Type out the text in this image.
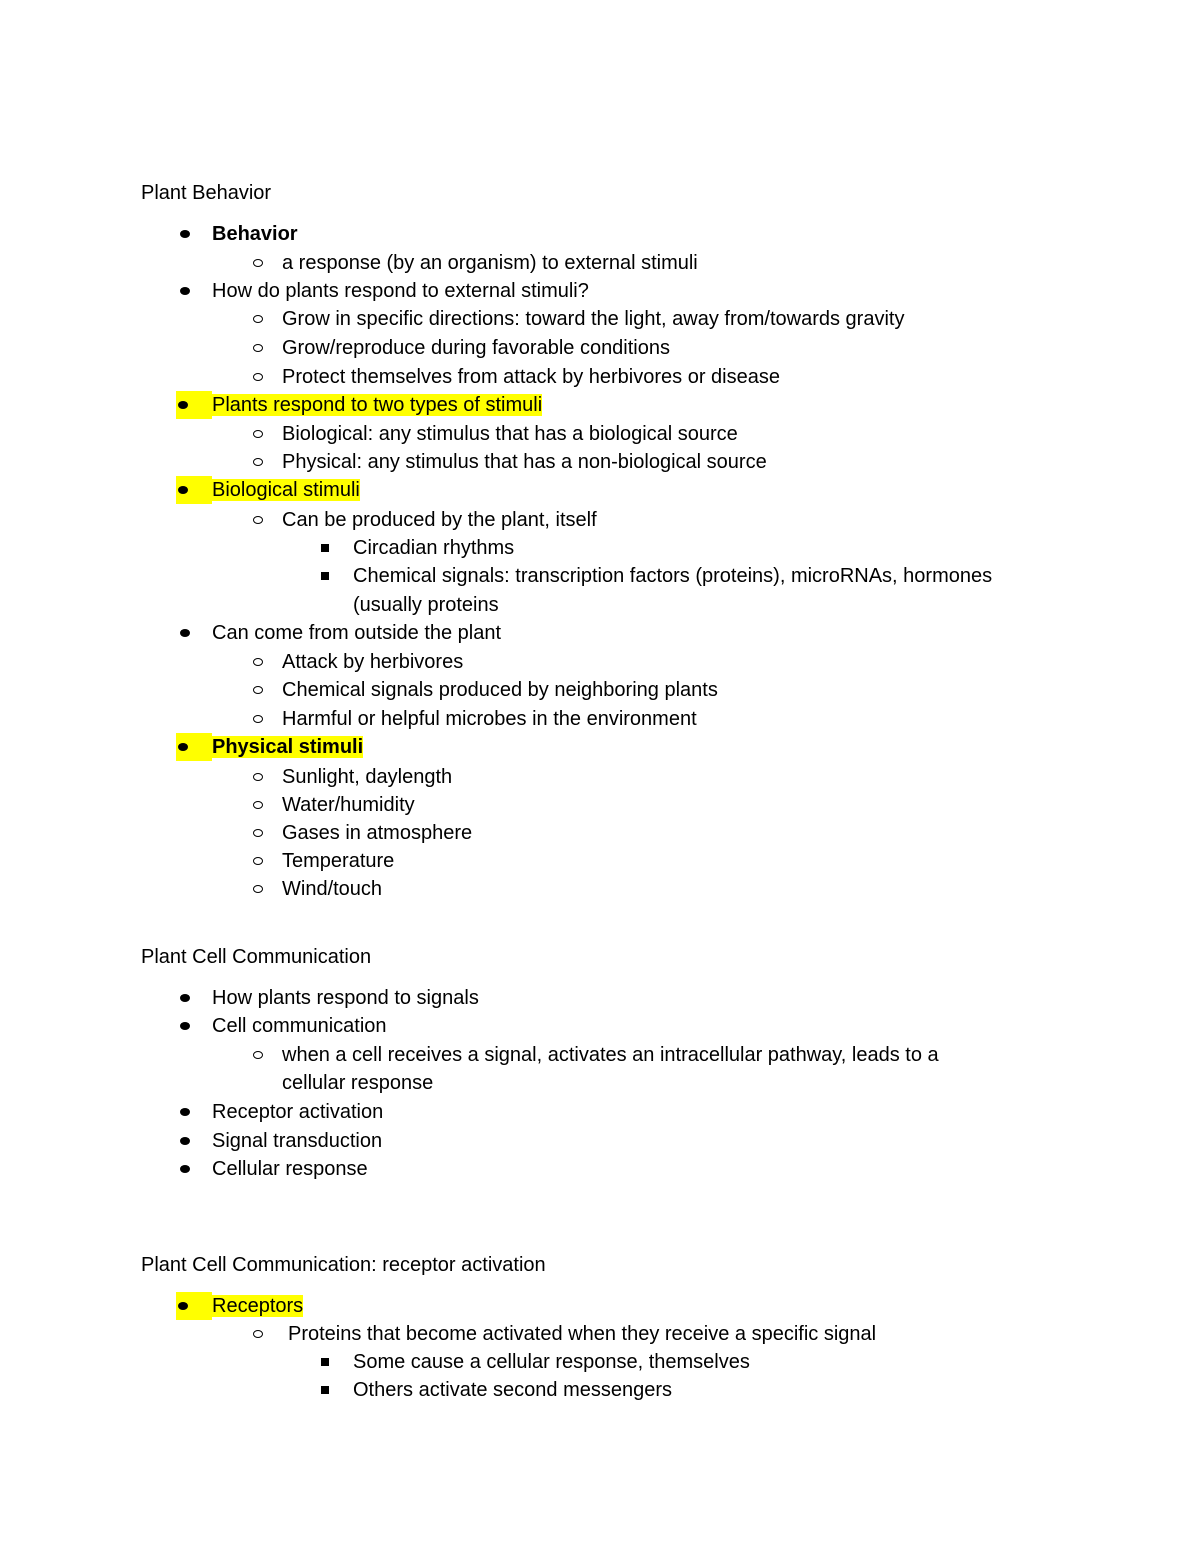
Plant Behavior
Behavior
a response (by an organism) to external stimuli
How do plants respond to external stimuli?
Grow in specific directions: toward the light, away from/towards gravity
Grow/reproduce during favorable conditions
Protect themselves from attack by herbivores or disease
Plants respond to two types of stimuli
Biological: any stimulus that has a biological source
Physical: any stimulus that has a non-biological source
Biological stimuli
Can be produced by the plant, itself
Circadian rhythms
Chemical signals: transcription factors (proteins), microRNAs, hormones
(usually proteins
Can come from outside the plant
Attack by herbivores
Chemical signals produced by neighboring plants
Harmful or helpful microbes in the environment
Physical stimuli
Sunlight, daylength
Water/humidity
Gases in atmosphere
Temperature
Wind/touch
Plant Cell Communication
How plants respond to signals
Cell communication
when a cell receives a signal, activates an intracellular pathway, leads to a
cellular response
Receptor activation
Signal transduction
Cellular response
Plant Cell Communication: receptor activation
Receptors
Proteins that become activated when they receive a specific signal
Some cause a cellular response, themselves
Others activate second messengers
